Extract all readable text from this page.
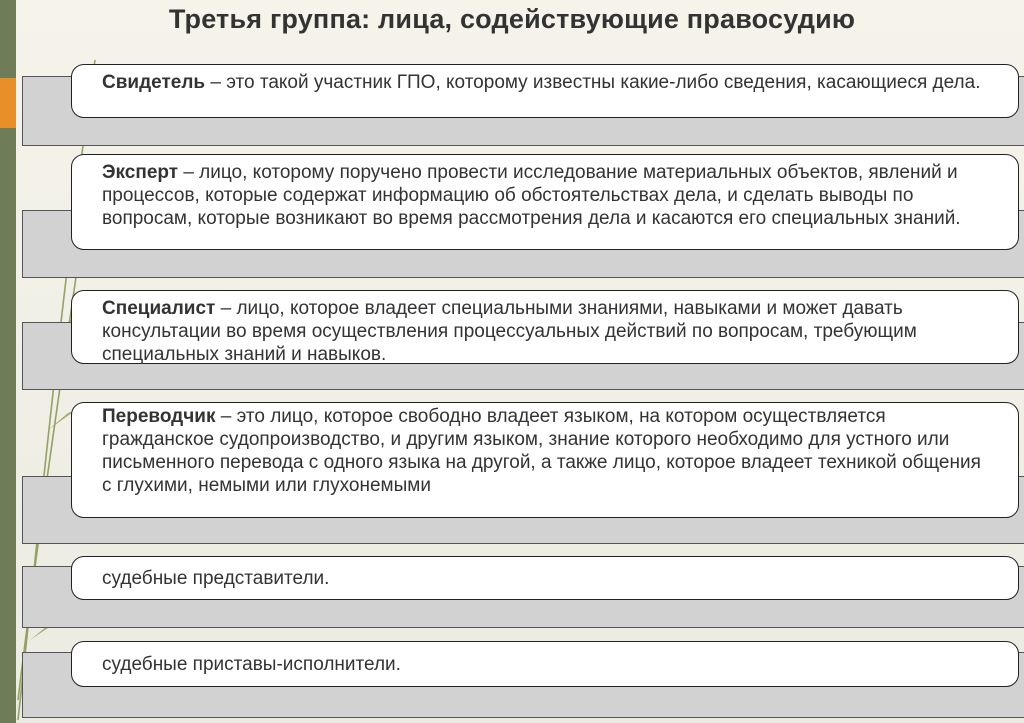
Третья группа: лица, содействующие правосудию
Свидетель – это такой участник ГПО, которому известны какие-либо сведения, касающиеся дела.
Эксперт – лицо, которому поручено провести исследование материальных объектов, явлений и процессов, которые содержат информацию об обстоятельствах дела, и сделать выводы по вопросам, которые возникают во время рассмотрения дела и касаются его специальных знаний.
Специалист – лицо, которое владеет специальными знаниями, навыками и может давать консультации во время осуществления процессуальных действий по вопросам, требующим специальных знаний и навыков.
Переводчик – это лицо, которое свободно владеет языком, на котором осуществляется гражданское судопроизводство, и другим языком, знание которого необходимо для устного или письменного перевода с одного языка на другой, а также лицо, которое владеет техникой общения с глухими, немыми или глухонемыми
судебные представители.
судебные приставы-исполнители.
